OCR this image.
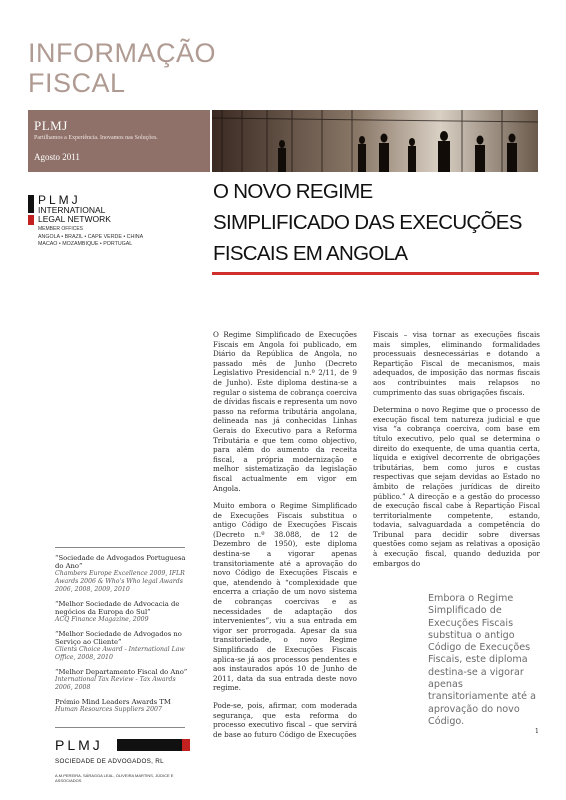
INFORMAÇÃO
FISCAL
PLMJ
Partilhamos a Experiência. Inovamos nas Soluções.
Agosto 2011
PLMJ
INTERNATIONAL
LEGAL NETWORK
MEMBER OFFICES
ANGOLA • BRAZIL • CAPE VERDE • CHINA
MACAO • MOZAMBIQUE • PORTUGAL
O NOVO REGIME
SIMPLIFICADO DAS EXECUÇÕES
FISCAIS EM ANGOLA

O Regime Simplificado de Execuções Fiscais em Angola foi publicado, em Diário da República de Angola, no passado mês de Junho (Decreto Legislativo Presidencial n.º 2/11, de 9 de Junho). Este diploma destina-se a regular o sistema de cobrança coerciva de dívidas fiscais e representa um novo passo na reforma tributária angolana, delineada nas já conhecidas Linhas Gerais do Executivo para a Reforma Tributária e que tem como objectivo, para além do aumento da receita fiscal, a própria modernização e melhor sistematização da legislação fiscal actualmente em vigor em Angola.

Muito embora o Regime Simplificado de Execuções Fiscais substitua o antigo Código de Execuções Fiscais (Decreto n.º 38.088, de 12 de Dezembro de 1950), este diploma destina-se a vigorar apenas transitoriamente até a aprovação do novo Código de Execuções Fiscais e que, atendendo à “complexidade que encerra a criação de um novo sistema de cobranças coercivas e as necessidades de adaptação dos intervenientes”, viu a sua entrada em vigor ser prorrogada. Apesar da sua transitoriedade, o novo Regime Simplificado de Execuções Fiscais aplica-se já aos processos pendentes e aos instaurados após 10 de Junho de 2011, data da sua entrada deste novo regime.

Pode-se, pois, afirmar, com moderada segurança, que esta reforma do processo executivo fiscal – que servirá de base ao futuro Código de Execuções

Fiscais – visa tornar as execuções fiscais mais simples, eliminando formalidades processuais desnecessárias e dotando a Repartição Fiscal de mecanismos, mais adequados, de imposição das normas fiscais aos contribuintes mais relapsos no cumprimento das suas obrigações fiscais.

Determina o novo Regime que o processo de execução fiscal tem natureza judicial e que visa “a cobrança coerciva, com base em título executivo, pelo qual se determina o direito do exequente, de uma quantia certa, líquida e exigível decorrente de obrigações tributárias, bem como juros e custas respectivas que sejam devidas ao Estado no âmbito de relações jurídicas de direito público.” A direcção e a gestão do processo de execução fiscal cabe à Repartição Fiscal territorialmente competente, estando, todavia, salvaguardada a competência do Tribunal para decidir sobre diversas questões como sejam as relativas a oposição à execução fiscal, quando deduzida por embargos do

Embora o Regime Simplificado de Execuções Fiscais substitua o antigo Código de Execuções Fiscais, este diploma destina-se a vigorar apenas transitoriamente até a aprovação do novo Código.
1
“Sociedade de Advogados Portuguesa do Ano”
Chambers Europe Excellence 2009, IFLR Awards 2006 & Who's Who legal Awards 2006, 2008, 2009, 2010
“Melhor Sociedade de Advocacia de negócios da Europa do Sul”
ACQ Finance Magazine, 2009
“Melhor Sociedade de Advogados no Serviço ao Cliente”
Clients Choice Award - International Law Office, 2008, 2010
“Melhor Departamento Fiscal do Ano”
International Tax Review - Tax Awards 2006, 2008
Prémio Mind Leaders Awards TM
Human Resources Suppliers 2007
PLMJ
SOCIEDADE DE ADVOGADOS, RL
A.M.PEREIRA, SÁRAGGA LEAL, OLIVEIRA MARTINS, JÚDICE E ASSOCIADOS
